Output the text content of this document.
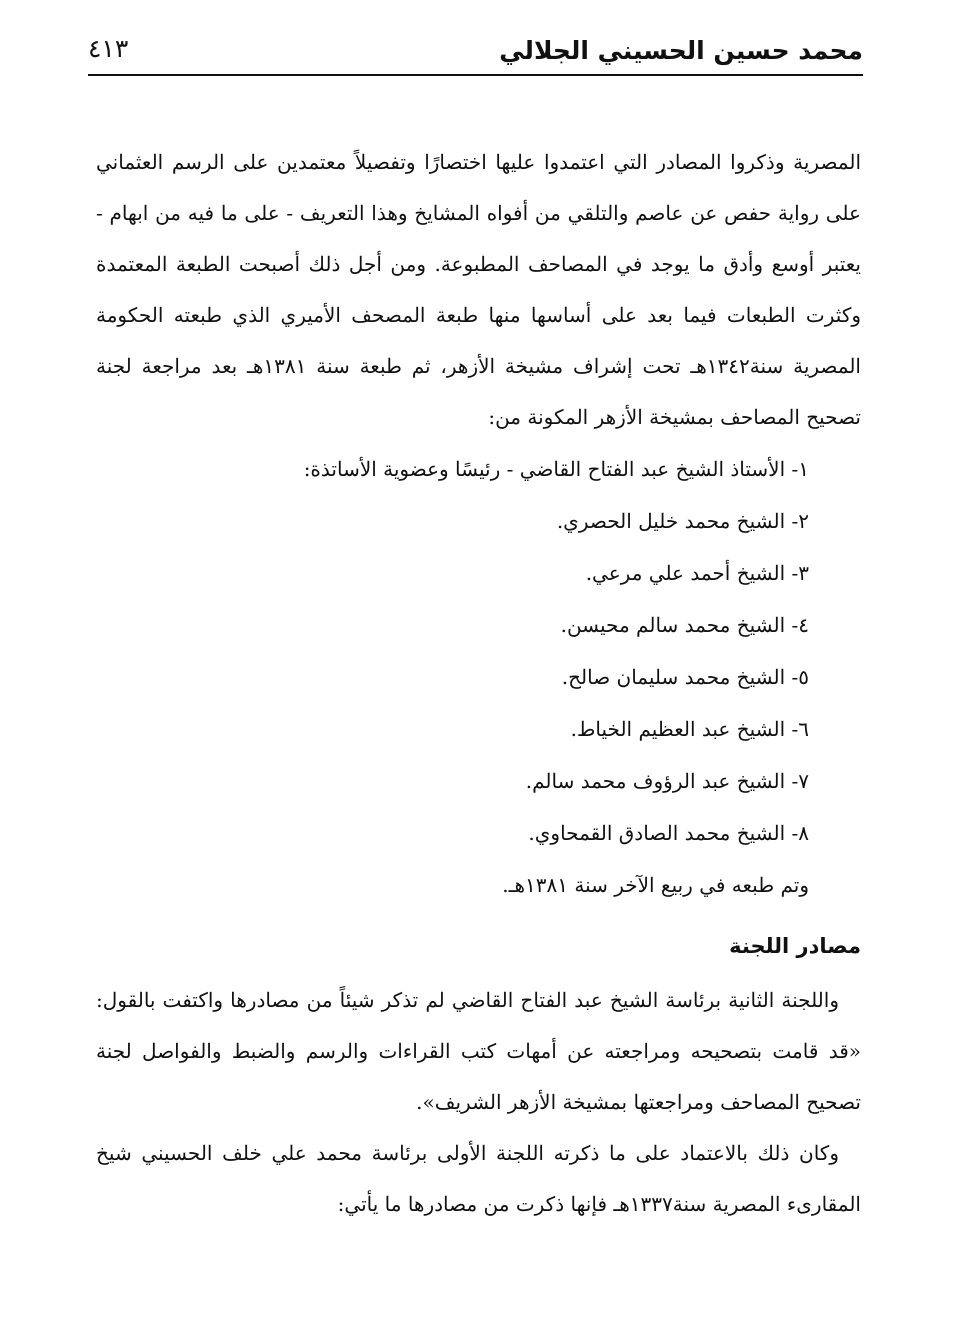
محمد حسين الحسيني الجلالي
٤١٣

المصرية وذكروا المصادر التي اعتمدوا عليها اختصارًا وتفصيلاً معتمدين على الرسم العثماني على رواية حفص عن عاصم والتلقي من أفواه المشايخ وهذا التعريف - على ما فيه من ابهام - يعتبر أوسع وأدق ما يوجد في المصاحف المطبوعة. ومن أجل ذلك أصبحت الطبعة المعتمدة وكثرت الطبعات فيما بعد على أساسها منها طبعة المصحف الأميري الذي طبعته الحكومة المصرية سنة١٣٤٢هـ تحت إشراف مشيخة الأزهر، ثم طبعة سنة ١٣٨١هـ بعد مراجعة لجنة تصحيح المصاحف بمشيخة الأزهر المكونة من:

١- الأستاذ الشيخ عبد الفتاح القاضي - رئيسًا وعضوية الأساتذة:
٢- الشيخ محمد خليل الحصري.
٣- الشيخ أحمد علي مرعي.
٤- الشيخ محمد سالم محيسن.
٥- الشيخ محمد سليمان صالح.
٦- الشيخ عبد العظيم الخياط.
٧- الشيخ عبد الرؤوف محمد سالم.
٨- الشيخ محمد الصادق القمحاوي.
وتم طبعه في ربيع الآخر سنة ١٣٨١هـ.
مصادر اللجنة

واللجنة الثانية برئاسة الشيخ عبد الفتاح القاضي لم تذكر شيئاً من مصادرها واكتفت بالقول: «قد قامت بتصحيحه ومراجعته عن أمهات كتب القراءات والرسم والضبط والفواصل لجنة تصحيح المصاحف ومراجعتها بمشيخة الأزهر الشريف».

وكان ذلك بالاعتماد على ما ذكرته اللجنة الأولى برئاسة محمد علي خلف الحسيني شيخ المقارىء المصرية سنة١٣٣٧هـ فإنها ذكرت من مصادرها ما يأتي:
